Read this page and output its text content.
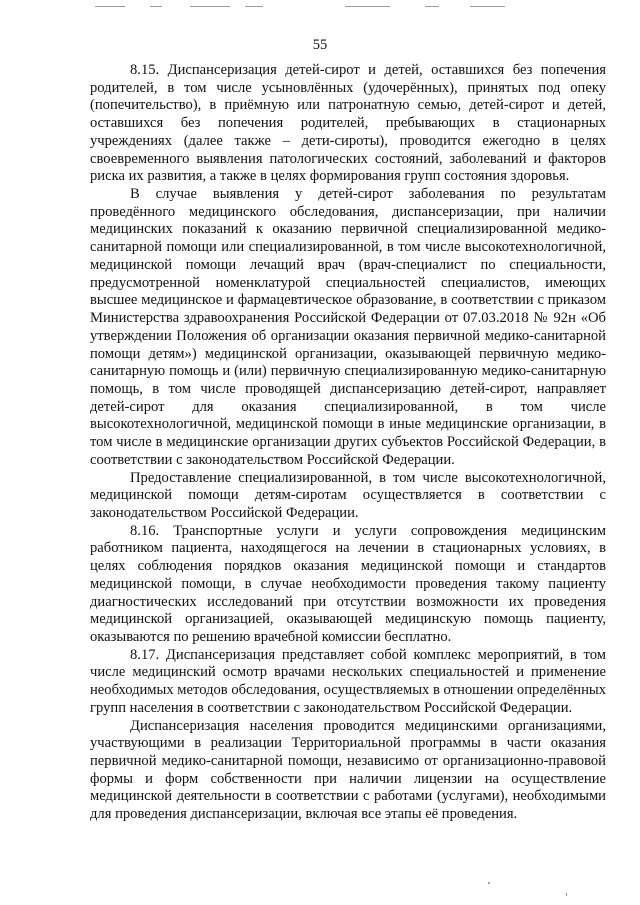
55

8.15. Диспансеризация детей-сирот и детей, оставшихся без попечения родителей, в том числе усыновлённых (удочерённых), принятых под опеку (попечительство), в приёмную или патронатную семью, детей-сирот и детей, оставшихся без попечения родителей, пребывающих в стационарных учреждениях (далее также – дети-сироты), проводится ежегодно в целях своевременного выявления патологических состояний, заболеваний и факторов риска их развития, а также в целях формирования групп состояния здоровья.

В случае выявления у детей-сирот заболевания по результатам проведённого медицинского обследования, диспансеризации, при наличии медицинских показаний к оказанию первичной специализированной медико-санитарной помощи или специализированной, в том числе высокотехнологичной, медицинской помощи лечащий врач (врач-специалист по специальности, предусмотренной номенклатурой специальностей специалистов, имеющих высшее медицинское и фармацевтическое образование, в соответствии с приказом Министерства здравоохранения Российской Федерации от 07.03.2018 № 92н «Об утверждении Положения об организации оказания первичной медико-санитарной помощи детям») медицинской организации, оказывающей первичную медико-санитарную помощь и (или) первичную специализированную медико-санитарную помощь, в том числе проводящей диспансеризацию детей-сирот, направляет детей-сирот для оказания специализированной, в том числе высокотехнологичной, медицинской помощи в иные медицинские организации, в том числе в медицинские организации других субъектов Российской Федерации, в соответствии с законодательством Российской Федерации.

Предоставление специализированной, в том числе высокотехнологичной, медицинской помощи детям-сиротам осуществляется в соответствии с законодательством Российской Федерации.

8.16. Транспортные услуги и услуги сопровождения медицинским работником пациента, находящегося на лечении в стационарных условиях, в целях соблюдения порядков оказания медицинской помощи и стандартов медицинской помощи, в случае необходимости проведения такому пациенту диагностических исследований при отсутствии возможности их проведения медицинской организацией, оказывающей медицинскую помощь пациенту, оказываются по решению врачебной комиссии бесплатно.

8.17. Диспансеризация представляет собой комплекс мероприятий, в том числе медицинский осмотр врачами нескольких специальностей и применение необходимых методов обследования, осуществляемых в отношении определённых групп населения в соответствии с законодательством Российской Федерации.

Диспансеризация населения проводится медицинскими организациями, участвующими в реализации Территориальной программы в части оказания первичной медико-санитарной помощи, независимо от организационно-правовой формы и форм собственности при наличии лицензии на осуществление медицинской деятельности в соответствии с работами (услугами), необходимыми для проведения диспансеризации, включая все этапы её проведения.
